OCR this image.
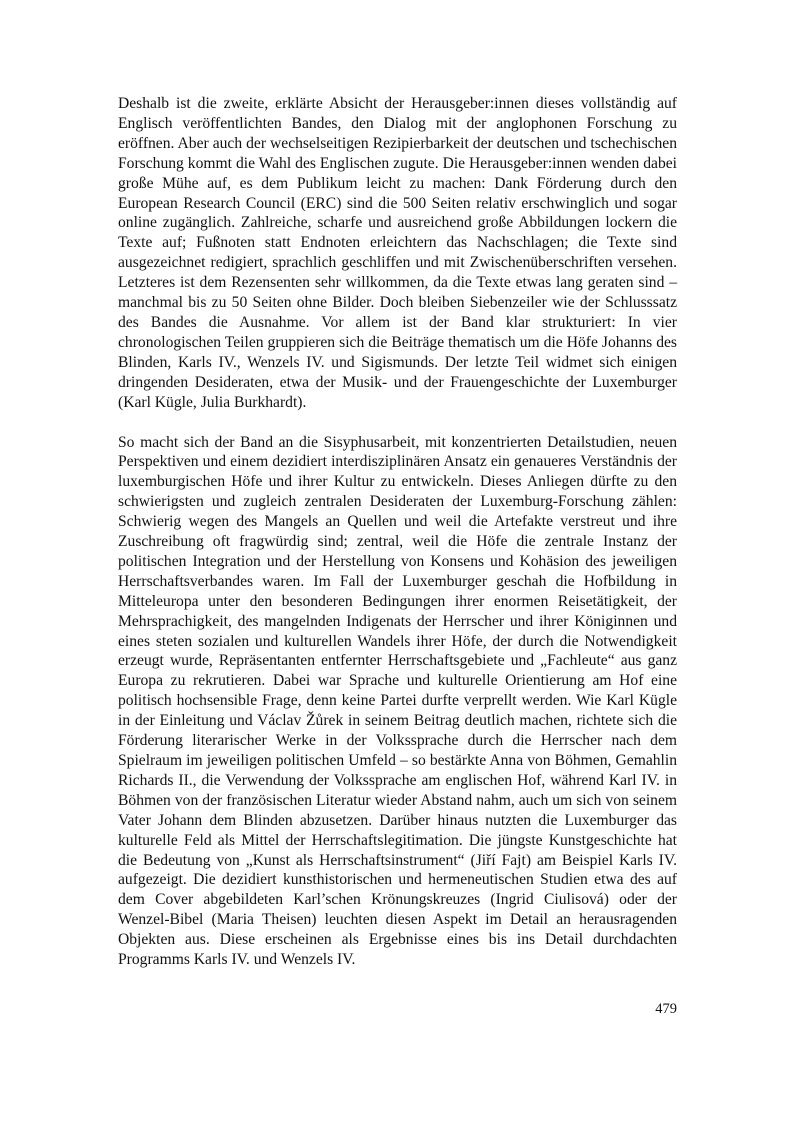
Deshalb ist die zweite, erklärte Absicht der Herausgeber:innen dieses vollständig auf Englisch veröffentlichten Bandes, den Dialog mit der anglophonen Forschung zu eröffnen. Aber auch der wechselseitigen Rezipierbarkeit der deutschen und tschechischen Forschung kommt die Wahl des Englischen zugute. Die Herausgeber:innen wenden dabei große Mühe auf, es dem Publikum leicht zu machen: Dank Förderung durch den European Research Council (ERC) sind die 500 Seiten relativ erschwinglich und sogar online zugänglich. Zahlreiche, scharfe und ausreichend große Abbildungen lockern die Texte auf; Fußnoten statt Endnoten erleichtern das Nachschlagen; die Texte sind ausgezeichnet redigiert, sprachlich geschliffen und mit Zwischenüberschriften versehen. Letzteres ist dem Rezensenten sehr willkommen, da die Texte etwas lang geraten sind – manchmal bis zu 50 Seiten ohne Bilder. Doch bleiben Siebenzeiler wie der Schlusssatz des Bandes die Ausnahme. Vor allem ist der Band klar strukturiert: In vier chronologischen Teilen gruppieren sich die Beiträge thematisch um die Höfe Johanns des Blinden, Karls IV., Wenzels IV. und Sigismunds. Der letzte Teil widmet sich einigen dringenden Desideraten, etwa der Musik- und der Frauengeschichte der Luxemburger (Karl Kügle, Julia Burkhardt).

So macht sich der Band an die Sisyphusarbeit, mit konzentrierten Detailstudien, neuen Perspektiven und einem dezidiert interdisziplinären Ansatz ein genaueres Verständnis der luxemburgischen Höfe und ihrer Kultur zu entwickeln. Dieses Anliegen dürfte zu den schwierigsten und zugleich zentralen Desideraten der Luxemburg-Forschung zählen: Schwierig wegen des Mangels an Quellen und weil die Artefakte verstreut und ihre Zuschreibung oft fragwürdig sind; zentral, weil die Höfe die zentrale Instanz der politischen Integration und der Herstellung von Konsens und Kohäsion des jeweiligen Herrschaftsverbandes waren. Im Fall der Luxemburger geschah die Hofbildung in Mitteleuropa unter den besonderen Bedingungen ihrer enormen Reisetätigkeit, der Mehrsprachigkeit, des mangelnden Indigenats der Herrscher und ihrer Königinnen und eines steten sozialen und kulturellen Wandels ihrer Höfe, der durch die Notwendigkeit erzeugt wurde, Repräsentanten entfernter Herrschaftsgebiete und „Fachleute“ aus ganz Europa zu rekrutieren. Dabei war Sprache und kulturelle Orientierung am Hof eine politisch hochsensible Frage, denn keine Partei durfte verprellt werden. Wie Karl Kügle in der Einleitung und Václav Žůrek in seinem Beitrag deutlich machen, richtete sich die Förderung literarischer Werke in der Volkssprache durch die Herrscher nach dem Spielraum im jeweiligen politischen Umfeld – so bestärkte Anna von Böhmen, Gemahlin Richards II., die Verwendung der Volkssprache am englischen Hof, während Karl IV. in Böhmen von der französischen Literatur wieder Abstand nahm, auch um sich von seinem Vater Johann dem Blinden abzusetzen. Darüber hinaus nutzten die Luxemburger das kulturelle Feld als Mittel der Herrschaftslegitimation. Die jüngste Kunstgeschichte hat die Bedeutung von „Kunst als Herrschaftsinstrument“ (Jiří Fajt) am Beispiel Karls IV. aufgezeigt. Die dezidiert kunsthistorischen und hermeneutischen Studien etwa des auf dem Cover abgebildeten Karl’schen Krönungskreuzes (Ingrid Ciulisová) oder der Wenzel-Bibel (Maria Theisen) leuchten diesen Aspekt im Detail an herausragenden Objekten aus. Diese erscheinen als Ergebnisse eines bis ins Detail durchdachten Programms Karls IV. und Wenzels IV.

479
